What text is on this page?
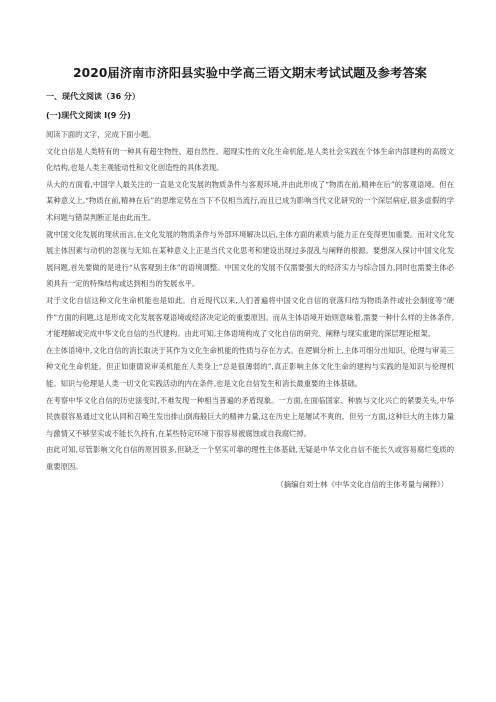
2020届济南市济阳县实验中学高三语文期末考试试题及参考答案
一、现代文阅读（36 分）
(一)现代文阅读 I(9 分)

阅读下面的文字，完成下面小题。

文化自信是人类特有的一种具有超生物性、超自然性、超现实性的文化生命机能,是人类社会实践在个体生命内部建构的高级文化结构,也是人类主观能动性和文化创造性的具体表现。

从大的方面看,中国学人最关注的一直是文化发展的物质条件与客观环境,并由此形成了“物质在前,精神在后”的客观语境。但在某种意义上,“物质在前,精神在后”的思维定势在当下不仅相当流行,而且已成为影响当代文化研究的一个深层病症,很多虚假的学术问题与错误判断正是由此而生。

就中国文化发展的现状而言,在文化发展的物质条件与外部环境解决以后,主体方面的素质与能力正在变得更加重要。而对文化发展主体因素与动机的忽视与无知,在某种意义上正是当代文化思考和建设出现过多混乱与阐释的根源。要想深入探讨中国文化发展问题,首先要做的是进行“从客观到主体”的语境调整。中国文化的发展不仅需要强大的经济实力与综合国力,同时也需要主体必须具有一定的特殊结构或达到相当的发展水平。

对于文化自信这种文化生命机能也是如此。自近现代以来,人们普遍将中国文化自信的衰落归结为物质条件或社会制度等“硬件”方面的问题,这是形成文化发展客观语境或经济决定论的重要原因。而从主体语境开始则意味着,需要一种什么样的主体条件,才能理解或完成中华文化自信的当代建构。由此可知,主体语境构成了文化自信的研究、阐释与现实重建的深层理论框架。

在主体语境中,文化自信的消长取决于其作为文化生命机能的性质与存在方式。在逻辑分析上,主体可细分出知识、伦理与审美三种文化生命机能。但正如康德说审美机能在人类身上“总是很薄弱的”,真正影响主体文化生命的建构与实践的是知识与伦理机能。知识与伦理是人类一切文化实践活动的内在条件,也是文化自信发生和消长最重要的主体基础。

在考察中华文化自信的历史演变时,不难发现一种相当普遍的矛盾现象。一方面,在面临国家、种族与文化兴亡的紧要关头,中华民族很容易通过文化认同和召唤生发出排山倒海般巨大的精神力量,这在历史上是屡试不爽的。但另一方面,这种巨大的主体力量与激情又不够坚实或不能长久持有,在某些特定环境下很容易被腐蚀或自我腐烂掉。

由此可知,尽管影响文化自信的原因很多,但缺乏一个坚实可靠的理性主体基础,无疑是中华文化自信不能长久或容易腐烂变质的重要原因。

（摘编自刘士林《中华文化自信的主体考量与阐释》）
